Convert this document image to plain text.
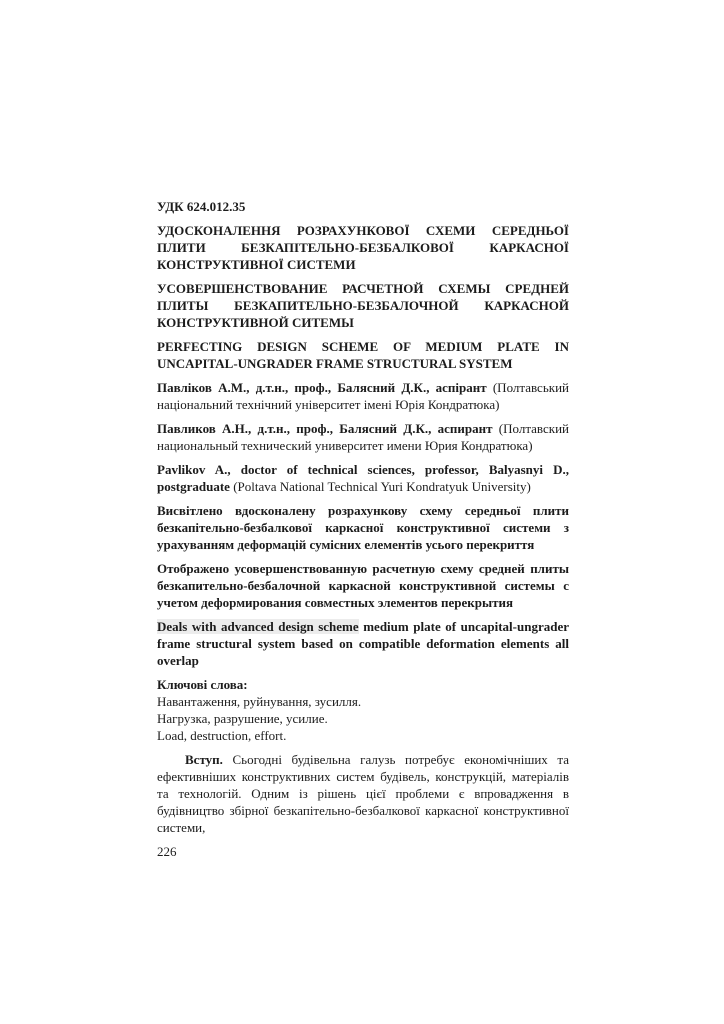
УДК 624.012.35

УДОСКОНАЛЕННЯ РОЗРАХУНКОВОЇ СХЕМИ СЕРЕДНЬОЇ ПЛИТИ БЕЗКАПІТЕЛЬНО-БЕЗБАЛКОВОЇ КАРКАСНОЇ КОНСТРУКТИВНОЇ СИСТЕМИ

УСОВЕРШЕНСТВОВАНИЕ РАСЧЕТНОЙ СХЕМЫ СРЕДНЕЙ ПЛИТЫ БЕЗКАПИТЕЛЬНО-БЕЗБАЛОЧНОЙ КАРКАСНОЙ КОНСТРУКТИВНОЙ СИТЕМЫ

PERFECTING DESIGN SCHEME OF MEDIUM PLATE IN UNCAPITAL-UNGRADER FRAME STRUCTURAL SYSTEM

Павліков А.М., д.т.н., проф., Балясний Д.К., аспірант (Полтавський національний технічний університет імені Юрія Кондратюка)

Павликов А.Н., д.т.н., проф., Балясний Д.К., аспирант (Полтавский национальный технический университет имени Юрия Кондратюка)

Pavlikov A., doctor of technical sciences, professor, Balyasnyi D., postgraduate (Poltava National Technical Yuri Kondratyuk University)

Висвітлено вдосконалену розрахункову схему середньої плити безкапітельно-безбалкової каркасної конструктивної системи з урахуванням деформацій сумісних елементів усього перекриття

Отображено усовершенствованную расчетную схему средней плиты безкапительно-безбалочной каркасной конструктивной системы с учетом деформирования совместных элементов перекрытия

Deals with advanced design scheme medium plate of uncapital-ungrader frame structural system based on compatible deformation elements all overlap

Ключові слова:

Навантаження, руйнування, зусилля.

Нагрузка, разрушение, усилие.

Load, destruction, effort.

Вступ. Сьогодні будівельна галузь потребує економічніших та ефективніших конструктивних систем будівель, конструкцій, матеріалів та технологій. Одним із рішень цієї проблеми є впровадження в будівництво збірної безкапітельно-безбалкової каркасної конструктивної системи,

226
